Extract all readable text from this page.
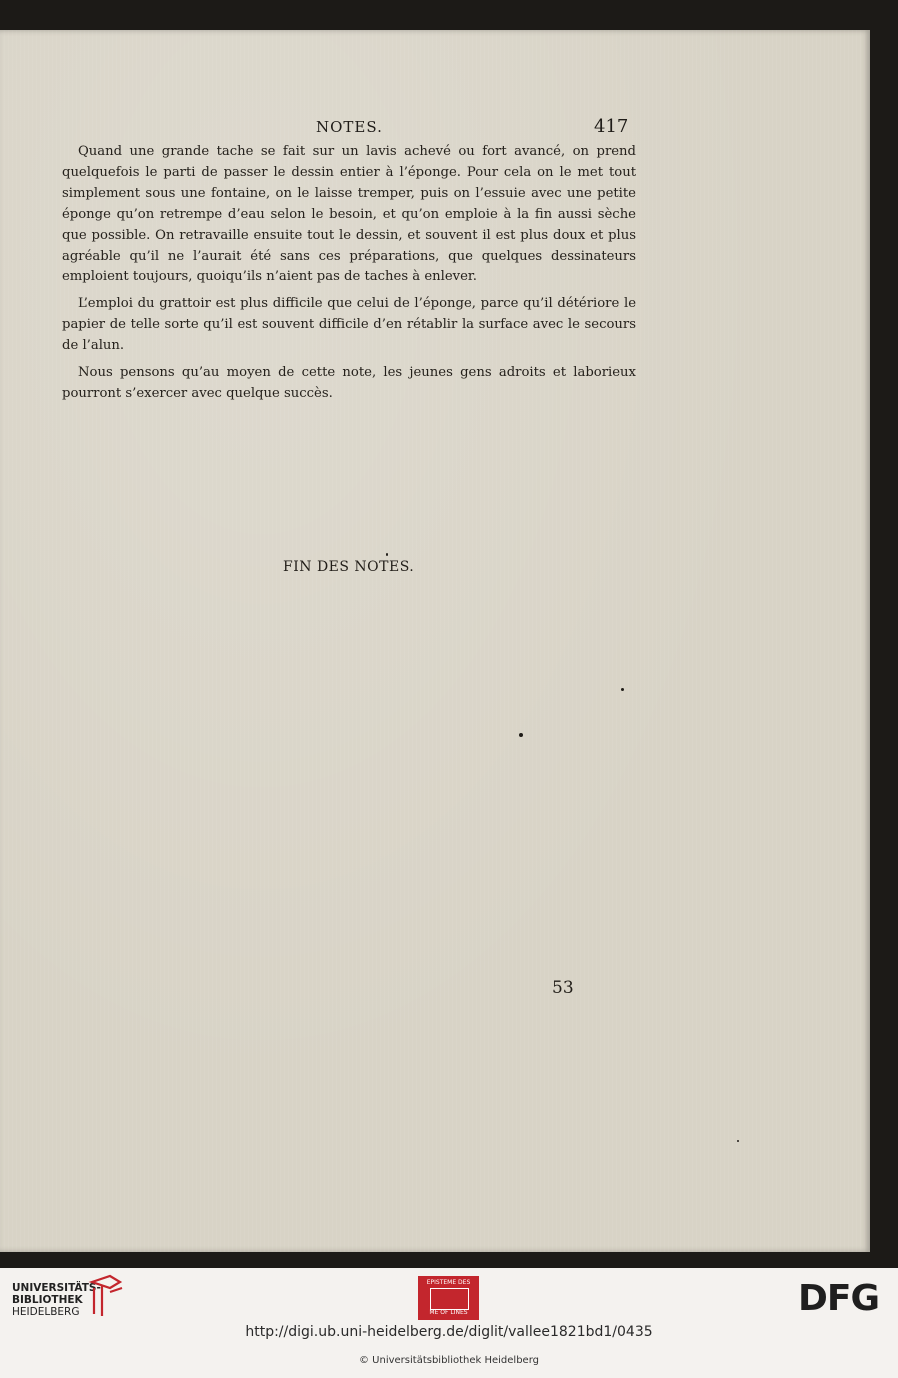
NOTES.	417

Quand une grande tache se fait sur un lavis achevé ou fort avancé, on prend quelquefois le parti de passer le dessin entier à l’éponge. Pour cela on le met tout simplement sous une fontaine, on le laisse tremper, puis on l’essuie avec une petite éponge qu’on retrempe d’eau selon le besoin, et qu’on emploie à la fin aussi sèche que possible. On retravaille ensuite tout le dessin, et souvent il est plus doux et plus agréable qu’il ne l’aurait été sans ces préparations, que quelques dessinateurs emploient toujours, quoiqu’ils n’aient pas de taches à enlever.

L’emploi du grattoir est plus difficile que celui de l’éponge, parce qu’il détériore le papier de telle sorte qu’il est souvent difficile d’en rétablir la surface avec le secours de l’alun.

Nous pensons qu’au moyen de cette note, les jeunes gens adroits et laborieux pourront s’exercer avec quelque succès.

FIN DES NOTES.
53
UNIVERSITÄTS-
BIBLIOTHEK
HEIDELBERG
EPISTEME DES
ME OF LINES	DFG
http://digi.ub.uni-heidelberg.de/diglit/vallee1821bd1/0435
© Universitätsbibliothek Heidelberg
